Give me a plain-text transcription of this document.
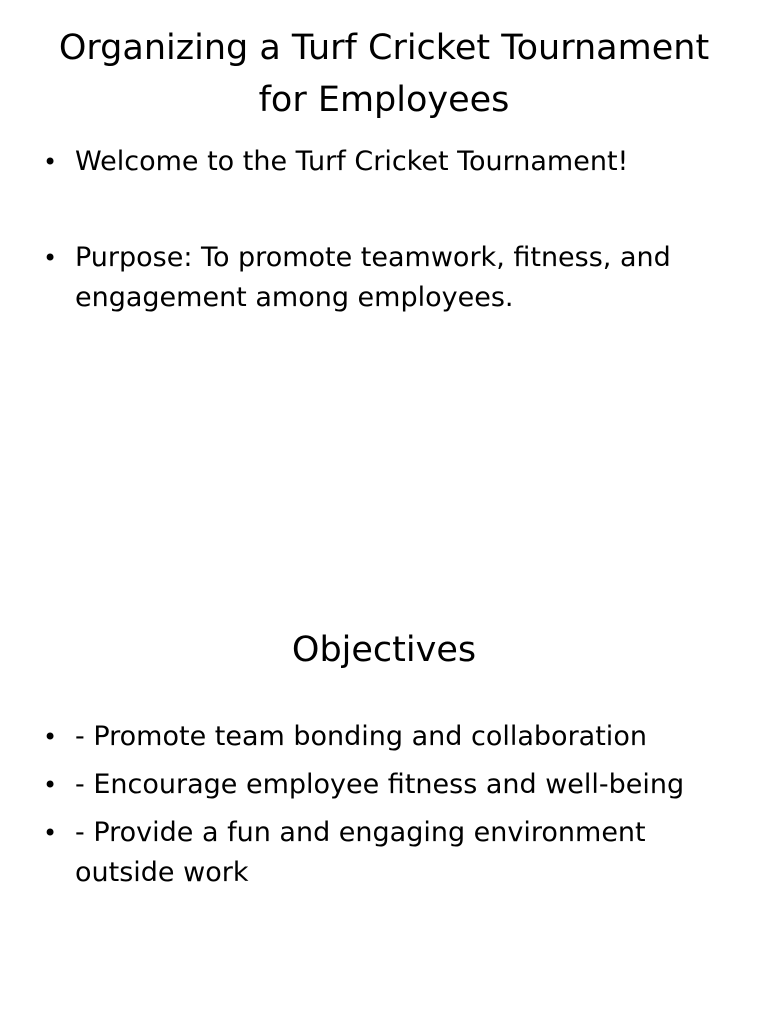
Organizing a Turf Cricket Tournament for Employees
• Welcome to the Turf Cricket Tournament!
• Purpose: To promote teamwork, fitness, and engagement among employees.
Objectives
• - Promote team bonding and collaboration
• - Encourage employee fitness and well-being
• - Provide a fun and engaging environment outside work
